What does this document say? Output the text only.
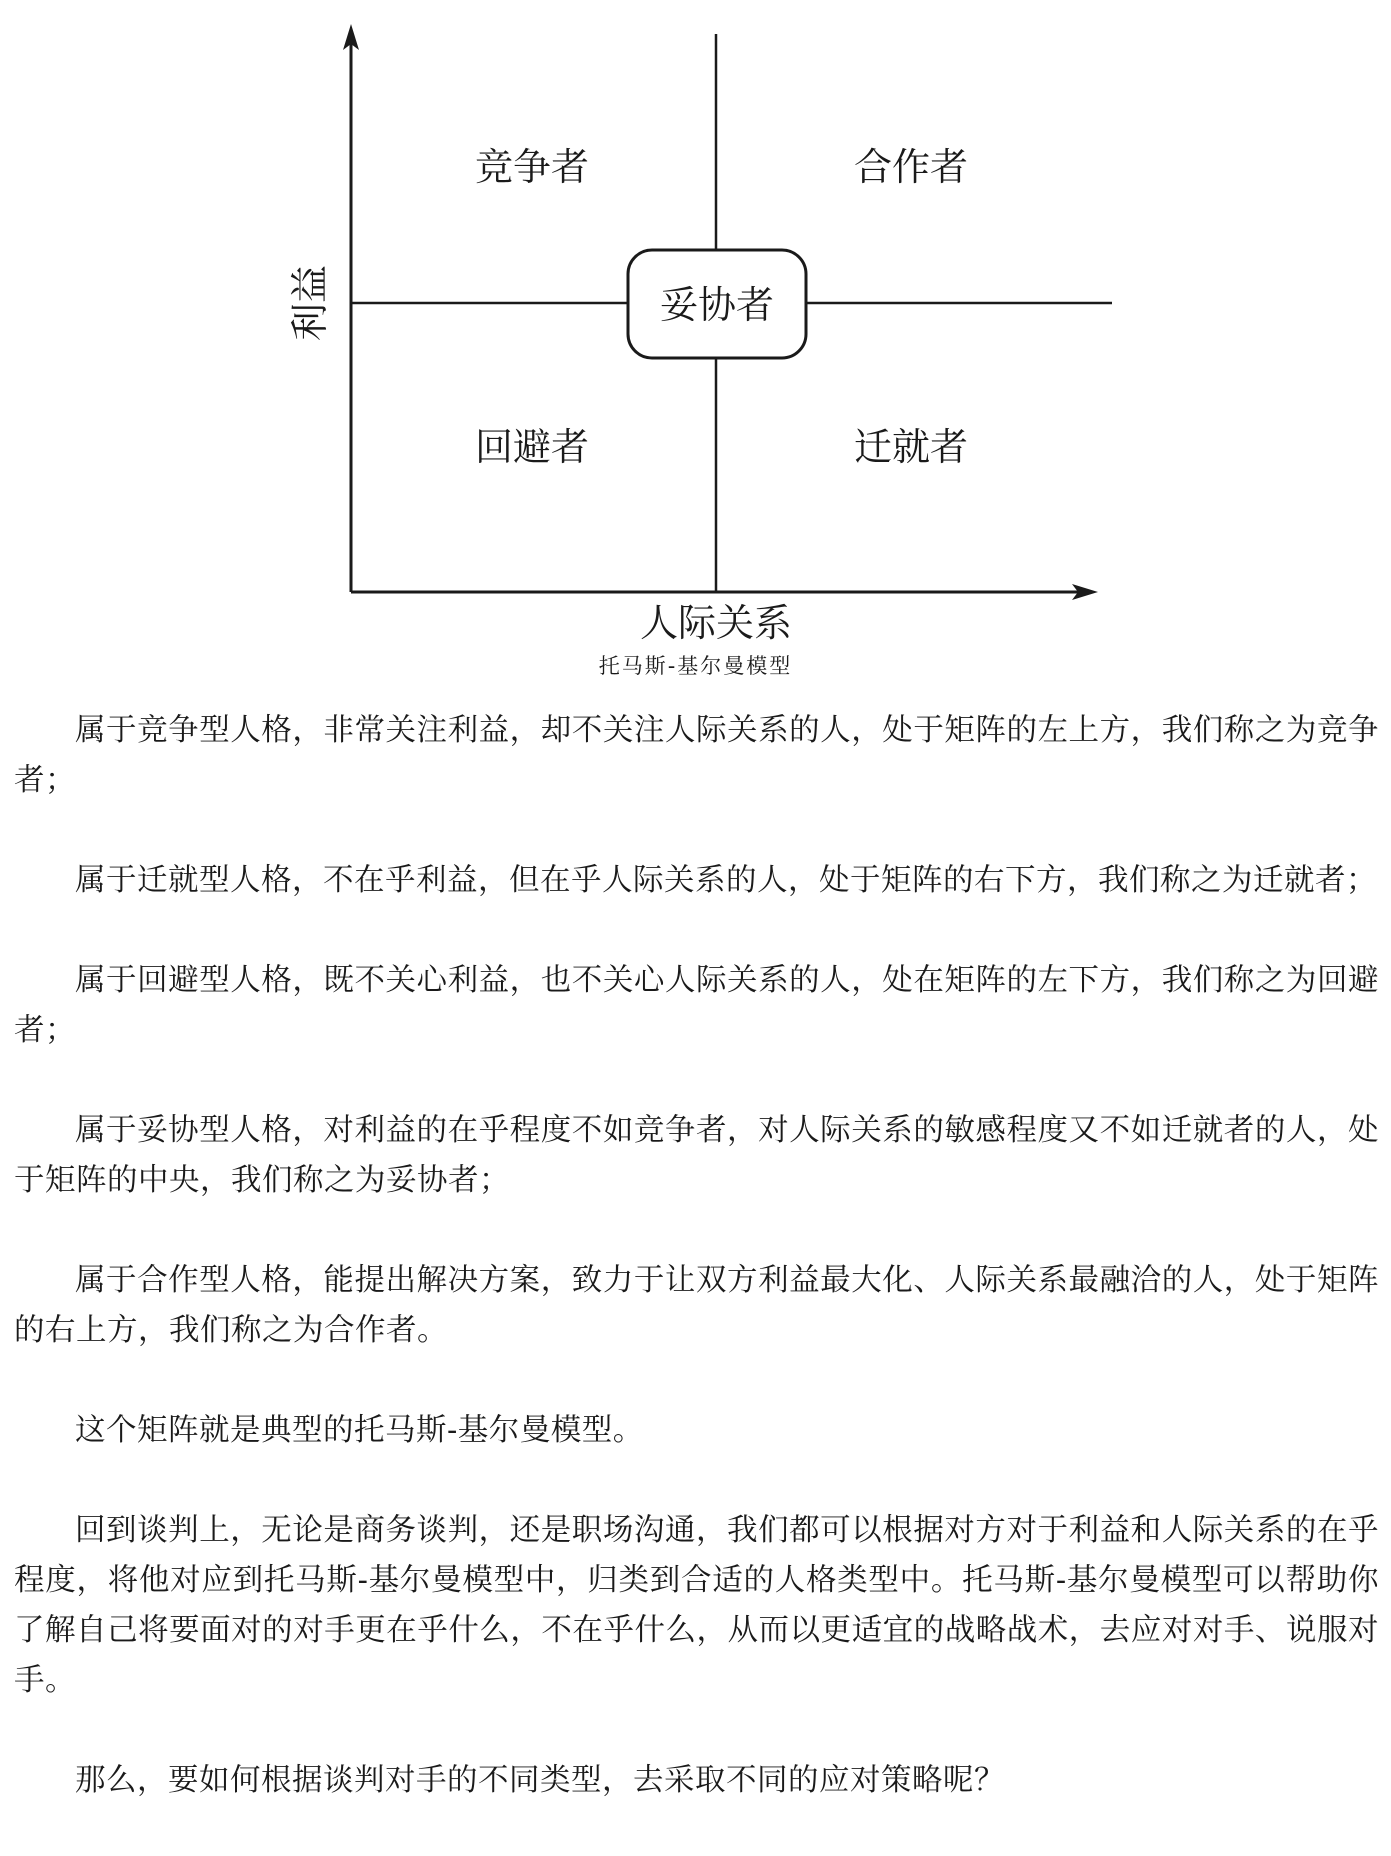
竞争者	合作者
妥协者
回避者	迁就者
利益
人际关系
托马斯-基尔曼模型

属于竞争型人格，非常关注利益，却不关注人际关系的人，处于矩阵的左上方，我们称之为竞争者；

属于迁就型人格，不在乎利益，但在乎人际关系的人，处于矩阵的右下方，我们称之为迁就者；

属于回避型人格，既不关心利益，也不关心人际关系的人，处在矩阵的左下方，我们称之为回避者；

属于妥协型人格，对利益的在乎程度不如竞争者，对人际关系的敏感程度又不如迁就者的人，处于矩阵的中央，我们称之为妥协者；

属于合作型人格，能提出解决方案，致力于让双方利益最大化、人际关系最融洽的人，处于矩阵的右上方，我们称之为合作者。

这个矩阵就是典型的托马斯-基尔曼模型。

回到谈判上，无论是商务谈判，还是职场沟通，我们都可以根据对方对于利益和人际关系的在乎程度，将他对应到托马斯-基尔曼模型中，归类到合适的人格类型中。托马斯-基尔曼模型可以帮助你了解自己将要面对的对手更在乎什么，不在乎什么，从而以更适宜的战略战术，去应对对手、说服对手。

那么，要如何根据谈判对手的不同类型，去采取不同的应对策略呢？
